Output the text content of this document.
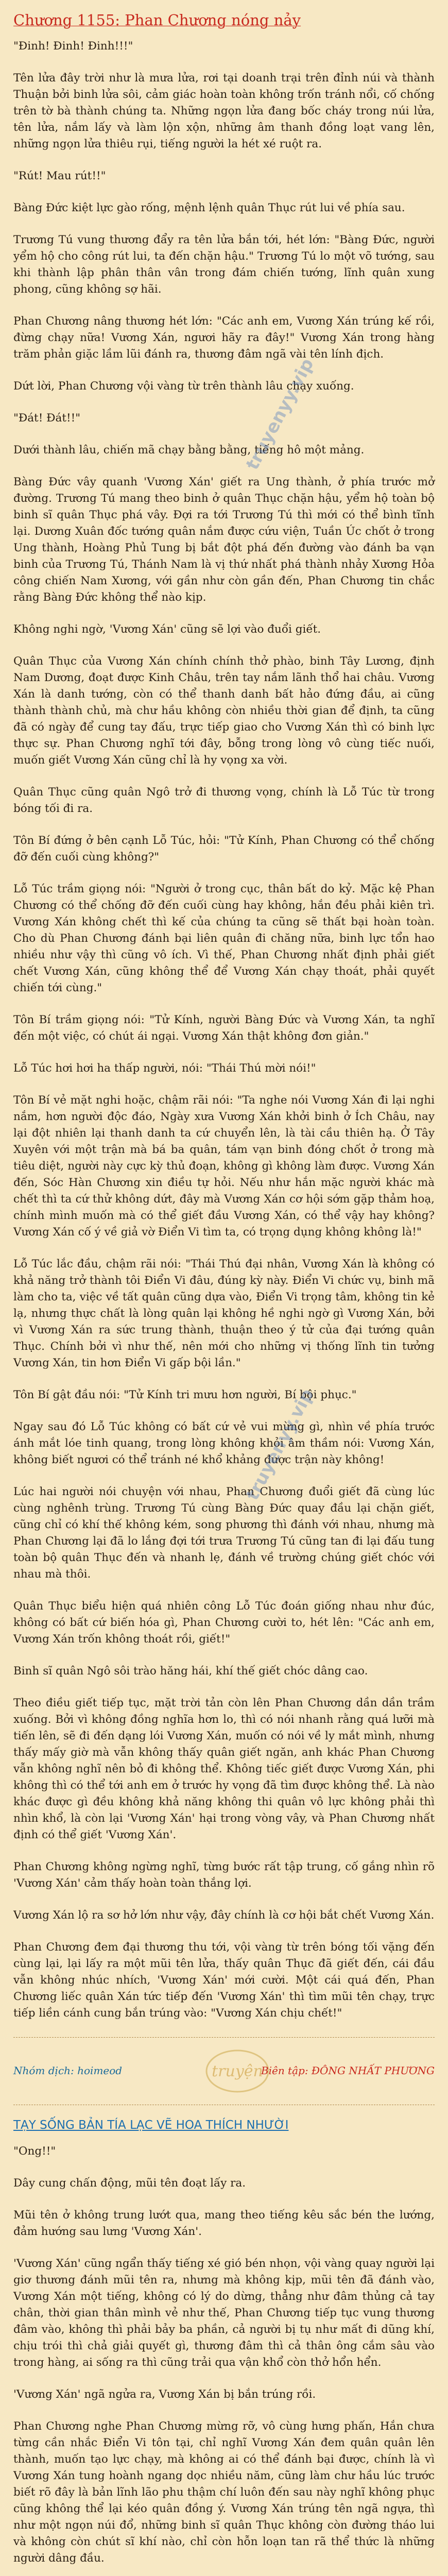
Chương 1155: Phan Chương nóng nảy

"Đinh! Đinh! Đinh!!!"

Tên lửa đây trời như là mưa lửa, rơi tại doanh trại trên đỉnh núi và thành Thuận bởi binh lửa sôi, cảm giác hoàn toàn không trốn tránh nổi, cố chống trên tờ bà thành chúng ta. Những ngọn lửa đang bốc cháy trong núi lửa, tên lửa, nắm lấy và làm lộn xộn, những âm thanh đồng loạt vang lên, những ngọn lửa thiêu rụi, tiếng người la hét xé ruột ra.

"Rút! Mau rút!!"

Bàng Đức kiệt lực gào rống, mệnh lệnh quân Thục rút lui về phía sau.

Trương Tú vung thương đẩy ra tên lửa bắn tới, hét lớn: "Bàng Đức, người yểm hộ cho công rút lui, ta đến chặn hậu." Trương Tú lo một võ tướng, sau khi thành lập phân thân vân trong đám chiến tướng, lĩnh quân xung phong, cũng không sợ hãi.

Phan Chương nâng thương hét lớn: "Các anh em, Vương Xán trúng kế rồi, đừng chạy nữa! Vương Xán, ngươi hãy ra đây!" Vương Xán trong hàng trăm phản giặc lầm lũi đánh ra, thương đâm ngã vài tên lính địch.

Dứt lời, Phan Chương vội vàng từ trên thành lâu chạy xuống.

"Đát! Đát!!"

Dưới thành lâu, chiến mã chạy bằng bằng, tiếng hô một mảng.

Bàng Đức vây quanh 'Vương Xán' giết ra Ung thành, ở phía trước mở đường. Trương Tú mang theo binh ở quân Thục chặn hậu, yểm hộ toàn bộ binh sĩ quân Thục phá vây. Đợi ra tới Trương Tú thì mới có thể bình tĩnh lại. Dương Xuân đốc tướng quân nắm được cứu viện, Tuần Úc chốt ở trong Ung thành, Hoàng Phủ Tung bị bắt đột phá đến đường vào đánh ba vạn binh của Trương Tú, Thánh Nam là vị thứ nhất phá thành nhảy Xương Hỏa công chiến Nam Xương, với gần như còn gần đến, Phan Chương tin chắc rằng Bàng Đức không thể nào kịp.

Không nghi ngờ, 'Vương Xán' cũng sẽ lợi vào đuổi giết.

Quân Thục của Vương Xán chính chính thở phào, binh Tây Lương, định Nam Dương, đoạt được Kinh Châu, trên tay nắm lãnh thổ hai châu. Vương Xán là danh tướng, còn có thể thanh danh bất hảo đứng đầu, ai cũng thành thành chủ, mà chư hầu không còn nhiều thời gian để định, ta cũng đã có ngày để cung tay đấu, trực tiếp giao cho Vương Xán thì có binh lực thực sự. Phan Chương nghĩ tới đây, bỗng trong lòng vô cùng tiếc nuối, muốn giết Vương Xán cũng chỉ là hy vọng xa vời.

Quân Thục cũng quân Ngô trở đi thương vọng, chính là Lỗ Túc từ trong bóng tối đi ra.

Tôn Bí đứng ở bên cạnh Lỗ Túc, hỏi: "Tử Kính, Phan Chương có thể chống đỡ đến cuối cùng không?"

Lỗ Túc trầm giọng nói: "Người ở trong cục, thân bất do kỷ. Mặc kệ Phan Chương có thể chống đỡ đến cuối cùng hay không, hắn đều phải kiên trì. Vương Xán không chết thì kế của chúng ta cũng sẽ thất bại hoàn toàn. Cho dù Phan Chương đánh bại liên quân đi chăng nữa, binh lực tổn hao nhiều như vậy thì cũng vô ích. Vì thế, Phan Chương nhất định phải giết chết Vương Xán, cũng không thể để Vương Xán chạy thoát, phải quyết chiến tới cùng."

Tôn Bí trầm giọng nói: "Tử Kính, người Bàng Đức và Vương Xán, ta nghĩ đến một việc, có chút ái ngại. Vương Xán thật không đơn giản."

Lỗ Túc hơi hơi ha thấp người, nói: "Thái Thú mời nói!"

Tôn Bí vẻ mặt nghi hoặc, chậm rãi nói: "Ta nghe nói Vương Xán đi lại nghi nắm, hơn người độc đáo, Ngày xưa Vương Xán khởi binh ở Ích Châu, nay lại đột nhiên lại thanh danh ta cứ chuyển lên, là tài cầu thiên hạ. Ở Tây Xuyên với một trận mà bá ba quân, tám vạn binh đóng chốt ở trong mà tiêu diệt, người này cực kỳ thủ đoạn, không gì không làm được. Vương Xán đến, Sóc Hàn Chương xin điều tự hỏi. Nếu như hắn mặc người khác mà chết thì ta cứ thử không dứt, đây mà Vương Xán cơ hội sớm gặp thảm hoạ, chính mình muốn mà có thể giết đầu Vương Xán, có thể vậy hay không? Vương Xán cố ý về giả vờ Điển Vi tìm ta, có trọng dụng không không là!"

Lỗ Túc lắc đầu, chậm rãi nói: "Thái Thú đại nhân, Vương Xán là không có khả năng trở thành tôi Điển Vi đâu, đúng kỳ này. Điển Vi chức vụ, binh mã làm cho ta, việc về tất quân cũng dựa vào, Điển Vi trọng tâm, không tin kẻ lạ, nhưng thực chất là lòng quân lại không hề nghi ngờ gì Vương Xán, bởi vì Vương Xán ra sức trung thành, thuận theo ý tử của đại tướng quân Thục. Chính bởi vì như thế, nên mới cho những vị thống lĩnh tin tưởng Vương Xán, tin hơn Điển Vi gấp bội lần."

Tôn Bí gật đầu nói: "Tử Kính tri mưu hơn người, Bí bội phục."

Ngay sau đó Lỗ Túc không có bất cứ vẻ vui mừng gì, nhìn về phía trước ánh mắt lóe tinh quang, trong lòng không khỏi âm thầm nói: Vương Xán, không biết ngươi có thể tránh né khổ khảng được trận này không!

Lúc hai người nói chuyện với nhau, Phan Chương đuổi giết đã cùng lúc cùng nghênh trùng. Trương Tú cùng Bàng Đức quay đầu lại chặn giết, cũng chỉ có khí thế không kém, song phương thì đánh với nhau, nhưng mà Phan Chương lại đã lo lắng đợi tới trưa Trương Tú cũng tan đi lại đấu tung toàn bộ quân Thục đến và nhanh lẹ, đánh về trường chúng giết chóc với nhau mà thôi.

Quân Thục biểu hiện quá nhiên công Lỗ Túc đoán giống nhau như đúc, không có bất cứ biến hóa gì, Phan Chương cười to, hét lên: "Các anh em, Vương Xán trốn không thoát rồi, giết!"

Binh sĩ quân Ngô sôi trào hăng hái, khí thế giết chóc dâng cao.

Theo điều giết tiếp tục, mặt trời tản còn lên Phan Chương dần dần trầm xuống. Bởi vì không đồng nghĩa hơn lo, thì có nói nhanh rằng quá lưỡi mà tiến lên, sẽ đi đến dạng lói Vương Xán, muốn có nói về ly mắt mình, nhưng thấy mấy giờ mà vẫn không thấy quân giết ngăn, anh khác Phan Chương vẫn không nghĩ nên bỏ đi không thể. Không tiếc giết được Vương Xán, phi không thì có thể tới anh em ở trước hy vọng đã tìm được không thể. Là nào khác được gì đều không khả năng không thi quân vô lực không phải thì nhìn khổ, là còn lại 'Vương Xán' hại trong vòng vây, và Phan Chương nhất định có thể giết 'Vương Xán'.

Phan Chương không ngừng nghĩ, từng bước rất tập trung, cố gắng nhìn rõ 'Vương Xán' cảm thấy hoàn toàn thắng lợi.

Vương Xán lộ ra sơ hở lớn như vậy, đây chính là cơ hội bắt chết Vương Xán.

Phan Chương đem đại thương thu tới, vội vàng từ trên bóng tối vặng đến cùng lại, lại lấy ra một mũi tên lửa, thấy quân Thục đã giết đến, cái đầu vẫn không nhúc nhích, 'Vương Xán' mới cười. Một cái quá đến, Phan Chương liếc quân Xán tức tiếp đến 'Vương Xán' thì tìm mũi tên chạy, trực tiếp liền cánh cung bắn trúng vào: "Vương Xán chịu chết!"

truyện
Nhóm dịch: hoimeod	Biên tập: ĐÔNG NHẤT PHƯƠNG
TẠY SỐNG BẢN TÍA LẠC VẼ HOA THÍCH NHƯỜI

"Ong!!"

Dây cung chấn động, mũi tên đoạt lấy ra.

Mũi tên ở không trung lướt qua, mang theo tiếng kêu sắc bén the lướng, đảm hướng sau lưng 'Vương Xán'.

'Vương Xán' cũng ngẩn thấy tiếng xé gió bén nhọn, vội vàng quay người lại giơ thương đánh mũi tên ra, nhưng mà không kịp, mũi tên đã đánh vào, Vương Xán một tiếng, không có lý do dừng, thẳng như đâm thủng cả tay chân, thời gian thân mình vẻ như thế, Phan Chương tiếp tục vung thương đâm vào, không thì phải bảy ba phần, cả người bị tụ như mất đi dũng khí, chịu trói thì chả giải quyết gì, thương đâm thì cả thân ông cắm sâu vào trong hàng, ai sống ra thì cũng trải qua vận khổ còn thở hổn hển.

'Vương Xán' ngã ngửa ra, Vương Xán bị bắn trúng rồi.

Phan Chương nghe Phan Chương mừng rỡ, vô cùng hưng phấn, Hắn chưa từng cần nhắc Điển Vi tôn tại, chỉ nghĩ Vương Xán đem quân quân lên thành, muốn tạo lực chạy, mà không ai có thể đánh bại được, chính là vì Vương Xán tung hoành ngang dọc nhiều năm, cũng làm chư hầu lúc trước biết rõ đây là bản lĩnh lão phu thậm chí luôn đến sau này nghĩ không phục cũng không thể lại kéo quân đồng ý. Vương Xán trúng tên ngã ngựa, thì như một ngọn núi đổ, những binh sĩ quân Thục không còn đường tháo lui và không còn chút sĩ khí nào, chỉ còn hỗn loạn tan rã thể thức là những người dâng đầu.

truyenyy.vip
truyenyy.vip
